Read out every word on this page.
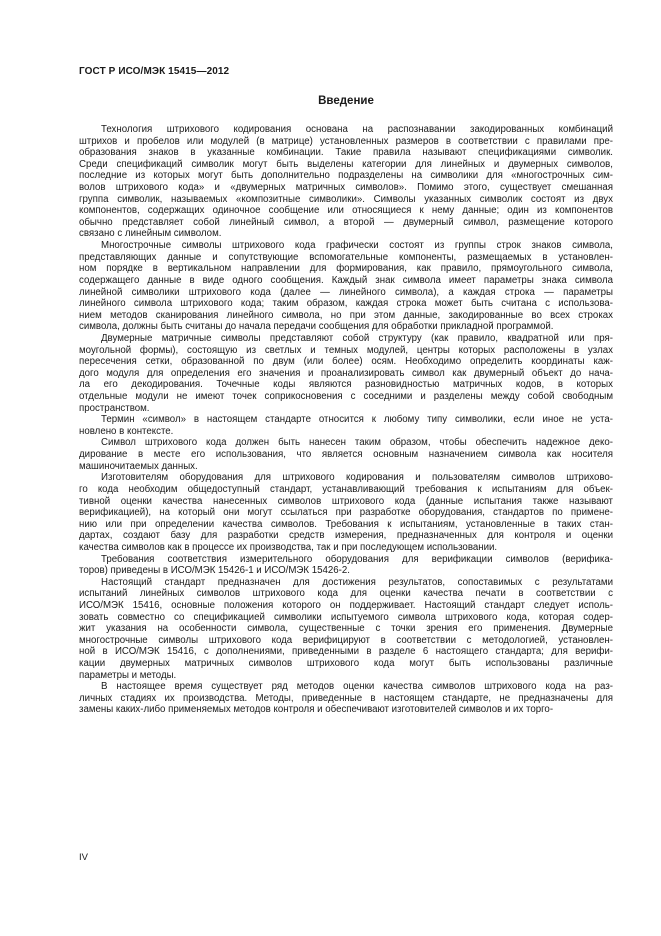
ГОСТ Р ИСО/МЭК 15415—2012
Введение
Технология штрихового кодирования основана на распознавании закодированных комбинаций
штрихов и пробелов или модулей (в матрице) установленных размеров в соответствии с правилами пре-
образования знаков в указанные комбинации. Такие правила называют спецификациями символик.
Среди спецификаций символик могут быть выделены категории для линейных и двумерных символов,
последние из которых могут быть дополнительно подразделены на символики для «многострочных сим-
волов штрихового кода» и «двумерных матричных символов». Помимо этого, существует смешанная
группа символик, называемых «композитные символики». Символы указанных символик состоят из двух
компонентов, содержащих одиночное сообщение или относящиеся к нему данные; один из компонентов
обычно представляет собой линейный символ, а второй — двумерный символ, размещение которого
связано с линейным символом.
Многострочные символы штрихового кода графически состоят из группы строк знаков символа,
представляющих данные и сопутствующие вспомогательные компоненты, размещаемых в установлен-
ном порядке в вертикальном направлении для формирования, как правило, прямоугольного символа,
содержащего данные в виде одного сообщения. Каждый знак символа имеет параметры знака символа
линейной символики штрихового кода (далее — линейного символа), а каждая строка — параметры
линейного символа штрихового кода; таким образом, каждая строка может быть считана с использова-
нием методов сканирования линейного символа, но при этом данные, закодированные во всех строках
символа, должны быть считаны до начала передачи сообщения для обработки прикладной программой.
Двумерные матричные символы представляют собой структуру (как правило, квадратной или пря-
моугольной формы), состоящую из светлых и темных модулей, центры которых расположены в узлах
пересечения сетки, образованной по двум (или более) осям. Необходимо определить координаты каж-
дого модуля для определения его значения и проанализировать символ как двумерный объект до нача-
ла его декодирования. Точечные коды являются разновидностью матричных кодов, в которых
отдельные модули не имеют точек соприкосновения с соседними и разделены между собой свободным
пространством.
Термин «символ» в настоящем стандарте относится к любому типу символики, если иное не уста-
новлено в контексте.
Символ штрихового кода должен быть нанесен таким образом, чтобы обеспечить надежное деко-
дирование в месте его использования, что является основным назначением символа как носителя
машиночитаемых данных.
Изготовителям оборудования для штрихового кодирования и пользователям символов штрихово-
го кода необходим общедоступный стандарт, устанавливающий требования к испытаниям для объек-
тивной оценки качества нанесенных символов штрихового кода (данные испытания также называют
верификацией), на который они могут ссылаться при разработке оборудования, стандартов по примене-
нию или при определении качества символов. Требования к испытаниям, установленные в таких стан-
дартах, создают базу для разработки средств измерения, предназначенных для контроля и оценки
качества символов как в процессе их производства, так и при последующем использовании.
Требования соответствия измерительного оборудования для верификации символов (верифика-
торов) приведены в ИСО/МЭК 15426-1 и ИСО/МЭК 15426-2.
Настоящий стандарт предназначен для достижения результатов, сопоставимых с результатами
испытаний линейных символов штрихового кода для оценки качества печати в соответствии с
ИСО/МЭК 15416, основные положения которого он поддерживает. Настоящий стандарт следует исполь-
зовать совместно со спецификацией символики испытуемого символа штрихового кода, которая содер-
жит указания на особенности символа, существенные с точки зрения его применения. Двумерные
многострочные символы штрихового кода верифицируют в соответствии с методологией, установлен-
ной в ИСО/МЭК 15416, с дополнениями, приведенными в разделе 6 настоящего стандарта; для верифи-
кации двумерных матричных символов штрихового кода могут быть использованы различные
параметры и методы.
В настоящее время существует ряд методов оценки качества символов штрихового кода на раз-
личных стадиях их производства. Методы, приведенные в настоящем стандарте, не предназначены для
замены каких-либо применяемых методов контроля и обеспечивают изготовителей символов и их торго-
IV
